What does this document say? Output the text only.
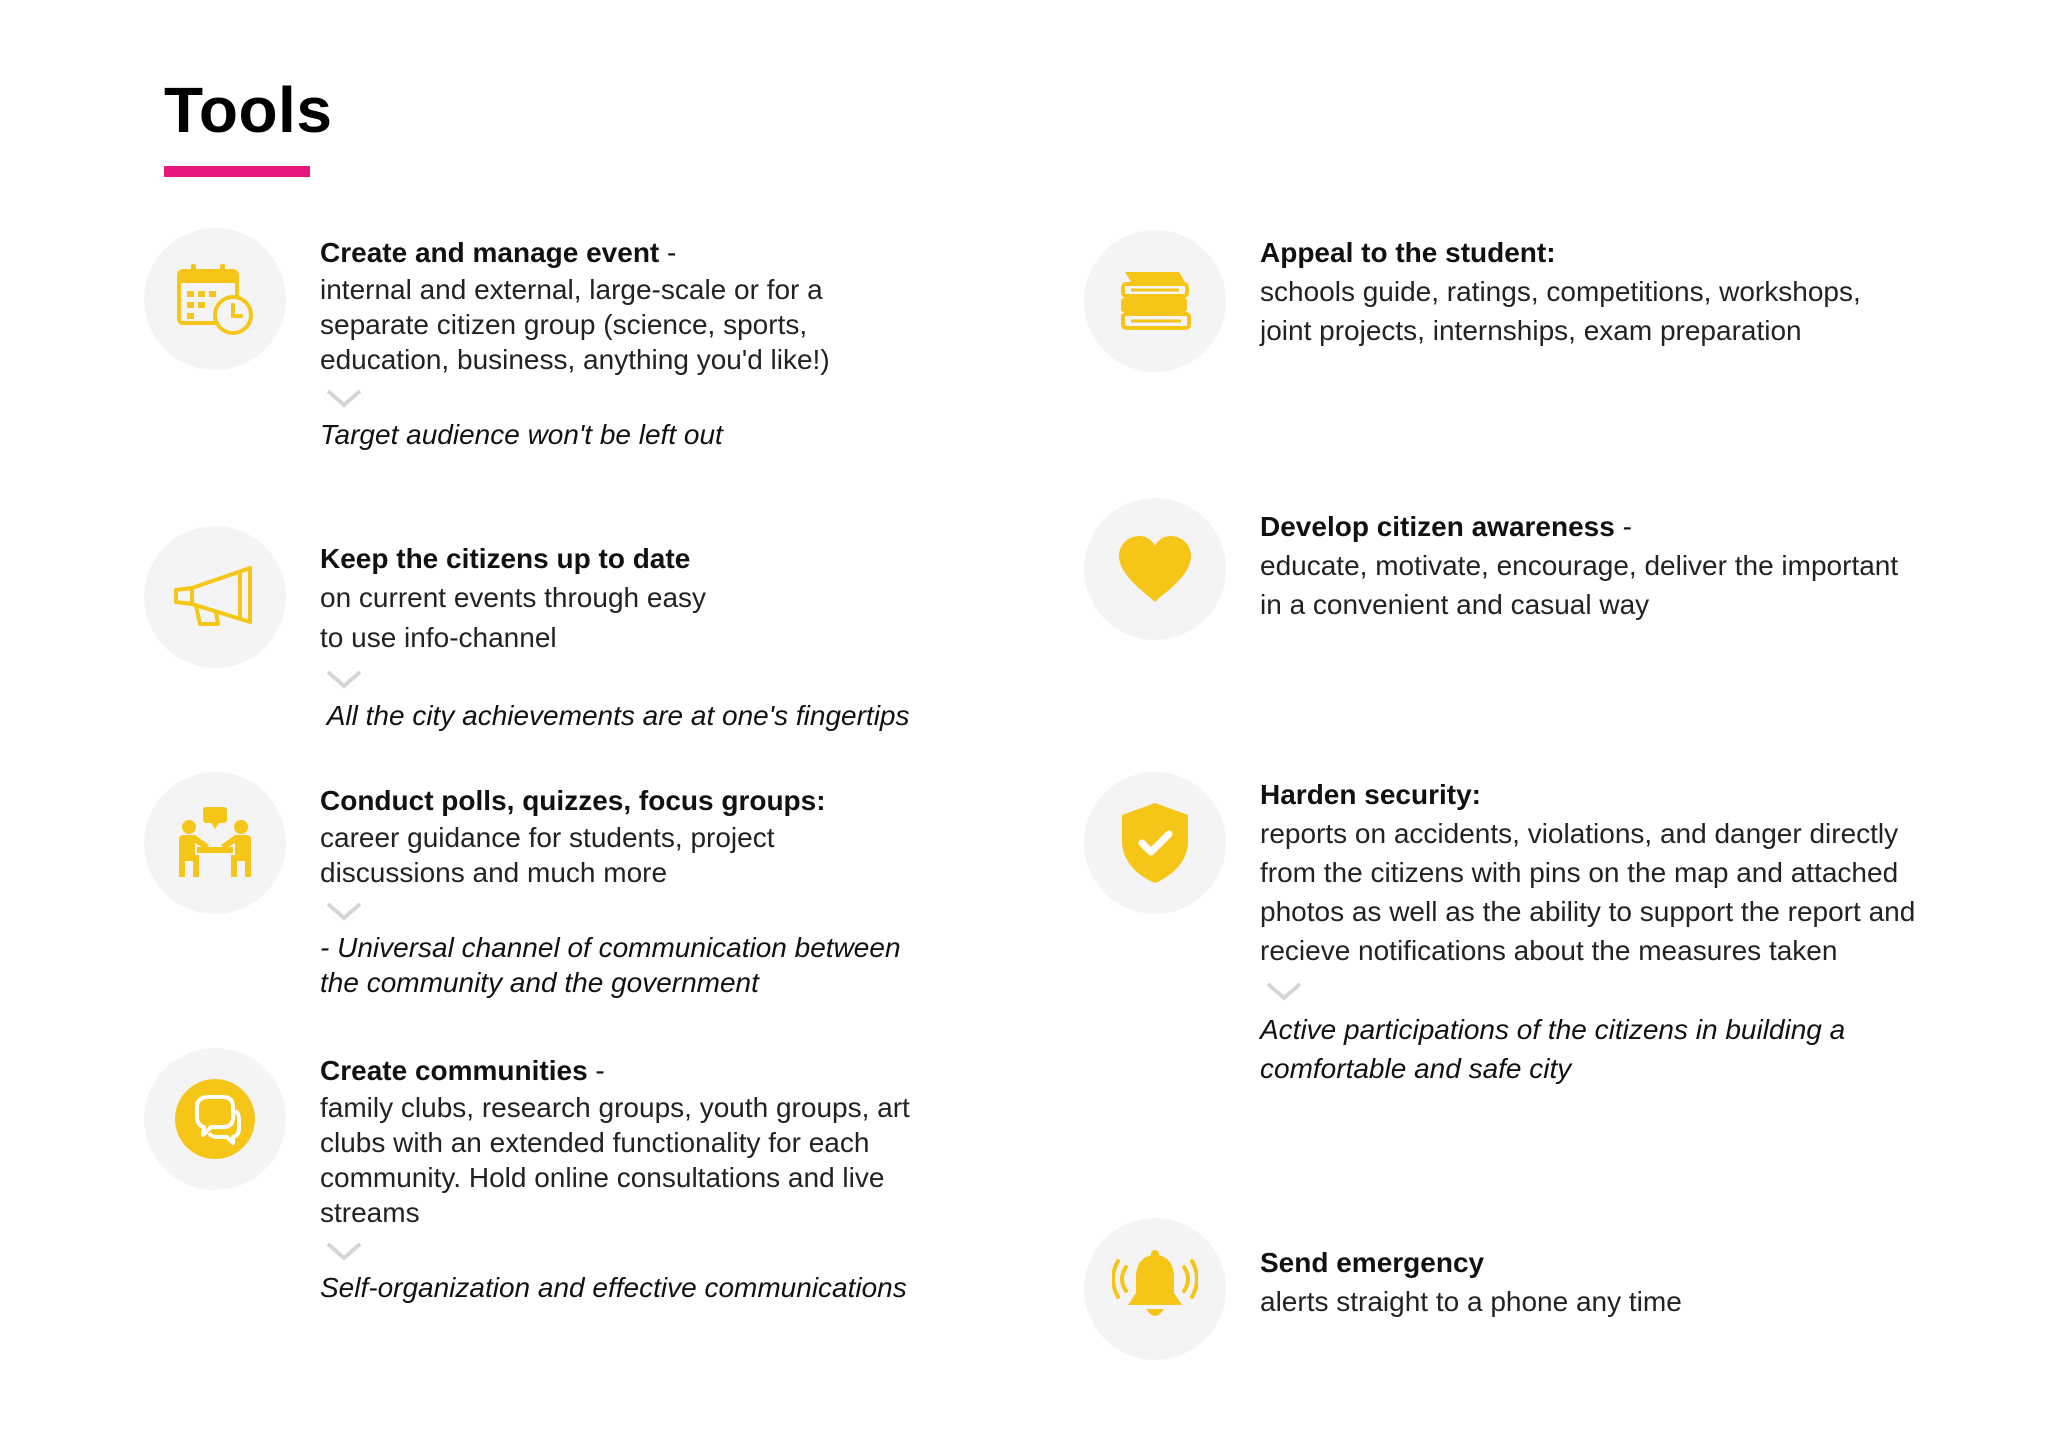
Tools
Create and manage event -

internal and external, large-scale or for a separate citizen group (science, sports, education, business, anything you'd like!)

Target audience won't be left out

Keep the citizens up to date

on current events through easy
to use info-channel

All the city achievements are at one's fingertips

Conduct polls, quizzes, focus groups:

career guidance for students, project discussions and much more

- Universal channel of communication between the community and the government

Create communities -

family clubs, research groups, youth groups, art clubs with an extended functionality for each community. Hold online consultations and live streams

Self-organization and effective communications

Appeal to the student:

schools guide, ratings, competitions, workshops, joint projects, internships, exam preparation

Develop citizen awareness -

educate, motivate, encourage, deliver the important in a convenient and casual way

Harden security:

reports on accidents, violations, and danger directly from the citizens with pins on the map and attached photos as well as the ability to support the report and recieve notifications about the measures taken

Active participations of the citizens in building a comfortable and safe city

Send emergency

alerts straight to a phone any time
